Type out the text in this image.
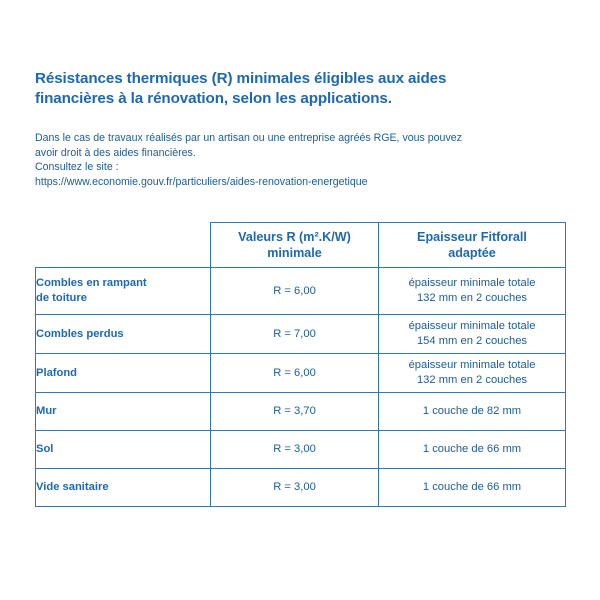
Résistances thermiques (R) minimales éligibles aux aides
financières à la rénovation, selon les applications.
Dans le cas de travaux réalisés par un artisan ou une entreprise agréés RGE, vous pouvez
avoir droit à des aides financières.
Consultez le site :
https://www.economie.gouv.fr/particuliers/aides-renovation-energetique
	Valeurs R (m².K/W)
minimale	Epaisseur Fitforall
adaptée
Combles en rampant
de toiture	R = 6,00	épaisseur minimale totale
132 mm en 2 couches
Combles perdus	R = 7,00	épaisseur minimale totale
154 mm en 2 couches
Plafond	R = 6,00	épaisseur minimale totale
132 mm en 2 couches
Mur	R = 3,70	1 couche de 82 mm
Sol	R = 3,00	1 couche de 66 mm
Vide sanitaire	R = 3,00	1 couche de 66 mm
